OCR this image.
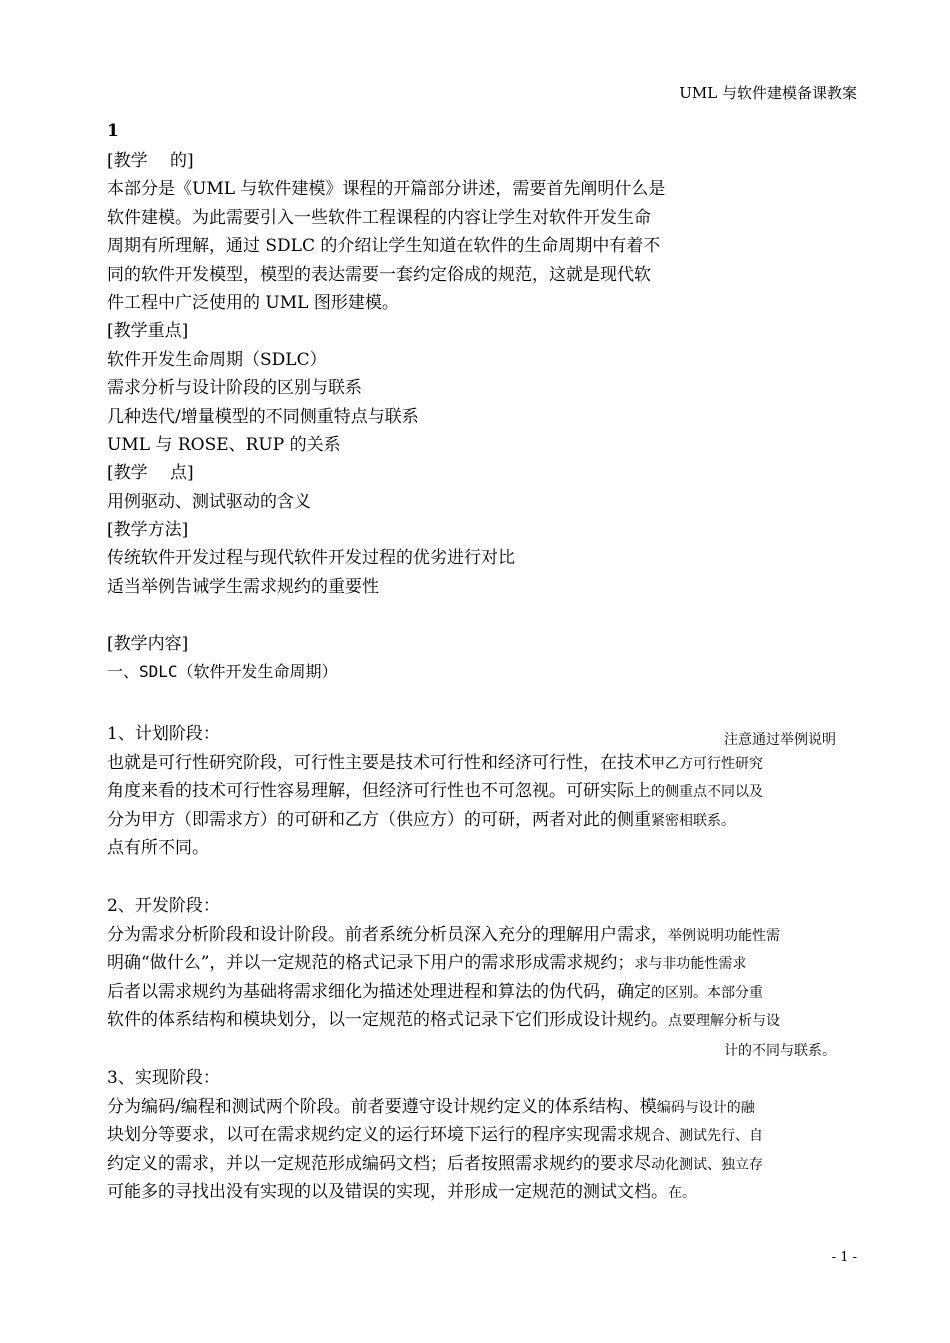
UML 与软件建模备课教案
1
[教学 　的]
本部分是《UML 与软件建模》课程的开篇部分讲述，需要首先阐明什么是
软件建模。为此需要引入一些软件工程课程的内容让学生对软件开发生命
周期有所理解，通过 SDLC 的介绍让学生知道在软件的生命周期中有着不
同的软件开发模型，模型的表达需要一套约定俗成的规范，这就是现代软
件工程中广泛使用的 UML 图形建模。
[教学重点]
软件开发生命周期（SDLC）
需求分析与设计阶段的区别与联系
几种迭代/增量模型的不同侧重特点与联系
UML 与 ROSE、RUP 的关系
[教学 　点]
用例驱动、测试驱动的含义
[教学方法]
传统软件开发过程与现代软件开发过程的优劣进行对比
适当举例告诫学生需求规约的重要性
[教学内容]
一、SDLC（软件开发生命周期）
1、计划阶段：	注意通过举例说明
也就是可行性研究阶段，可行性主要是技术可行性和经济可行性，在技术甲乙方可行性研究
角度来看的技术可行性容易理解，但经济可行性也不可忽视。可研实际上的侧重点不同以及
分为甲方（即需求方）的可研和乙方（供应方）的可研，两者对此的侧重紧密相联系。
点有所不同。
2、开发阶段：
分为需求分析阶段和设计阶段。前者系统分析员深入充分的理解用户需求，举例说明功能性需
明确“做什么”，并以一定规范的格式记录下用户的需求形成需求规约；求与非功能性需求
后者以需求规约为基础将需求细化为描述处理进程和算法的伪代码，确定的区别。本部分重
软件的体系结构和模块划分，以一定规范的格式记录下它们形成设计规约。点要理解分析与设
计的不同与联系。
3、实现阶段：
分为编码/编程和测试两个阶段。前者要遵守设计规约定义的体系结构、模编码与设计的融
块划分等要求，以可在需求规约定义的运行环境下运行的程序实现需求规合、测试先行、自
约定义的需求，并以一定规范形成编码文档；后者按照需求规约的要求尽动化测试、独立存
可能多的寻找出没有实现的以及错误的实现，并形成一定规范的测试文档。在。
- 1 -
